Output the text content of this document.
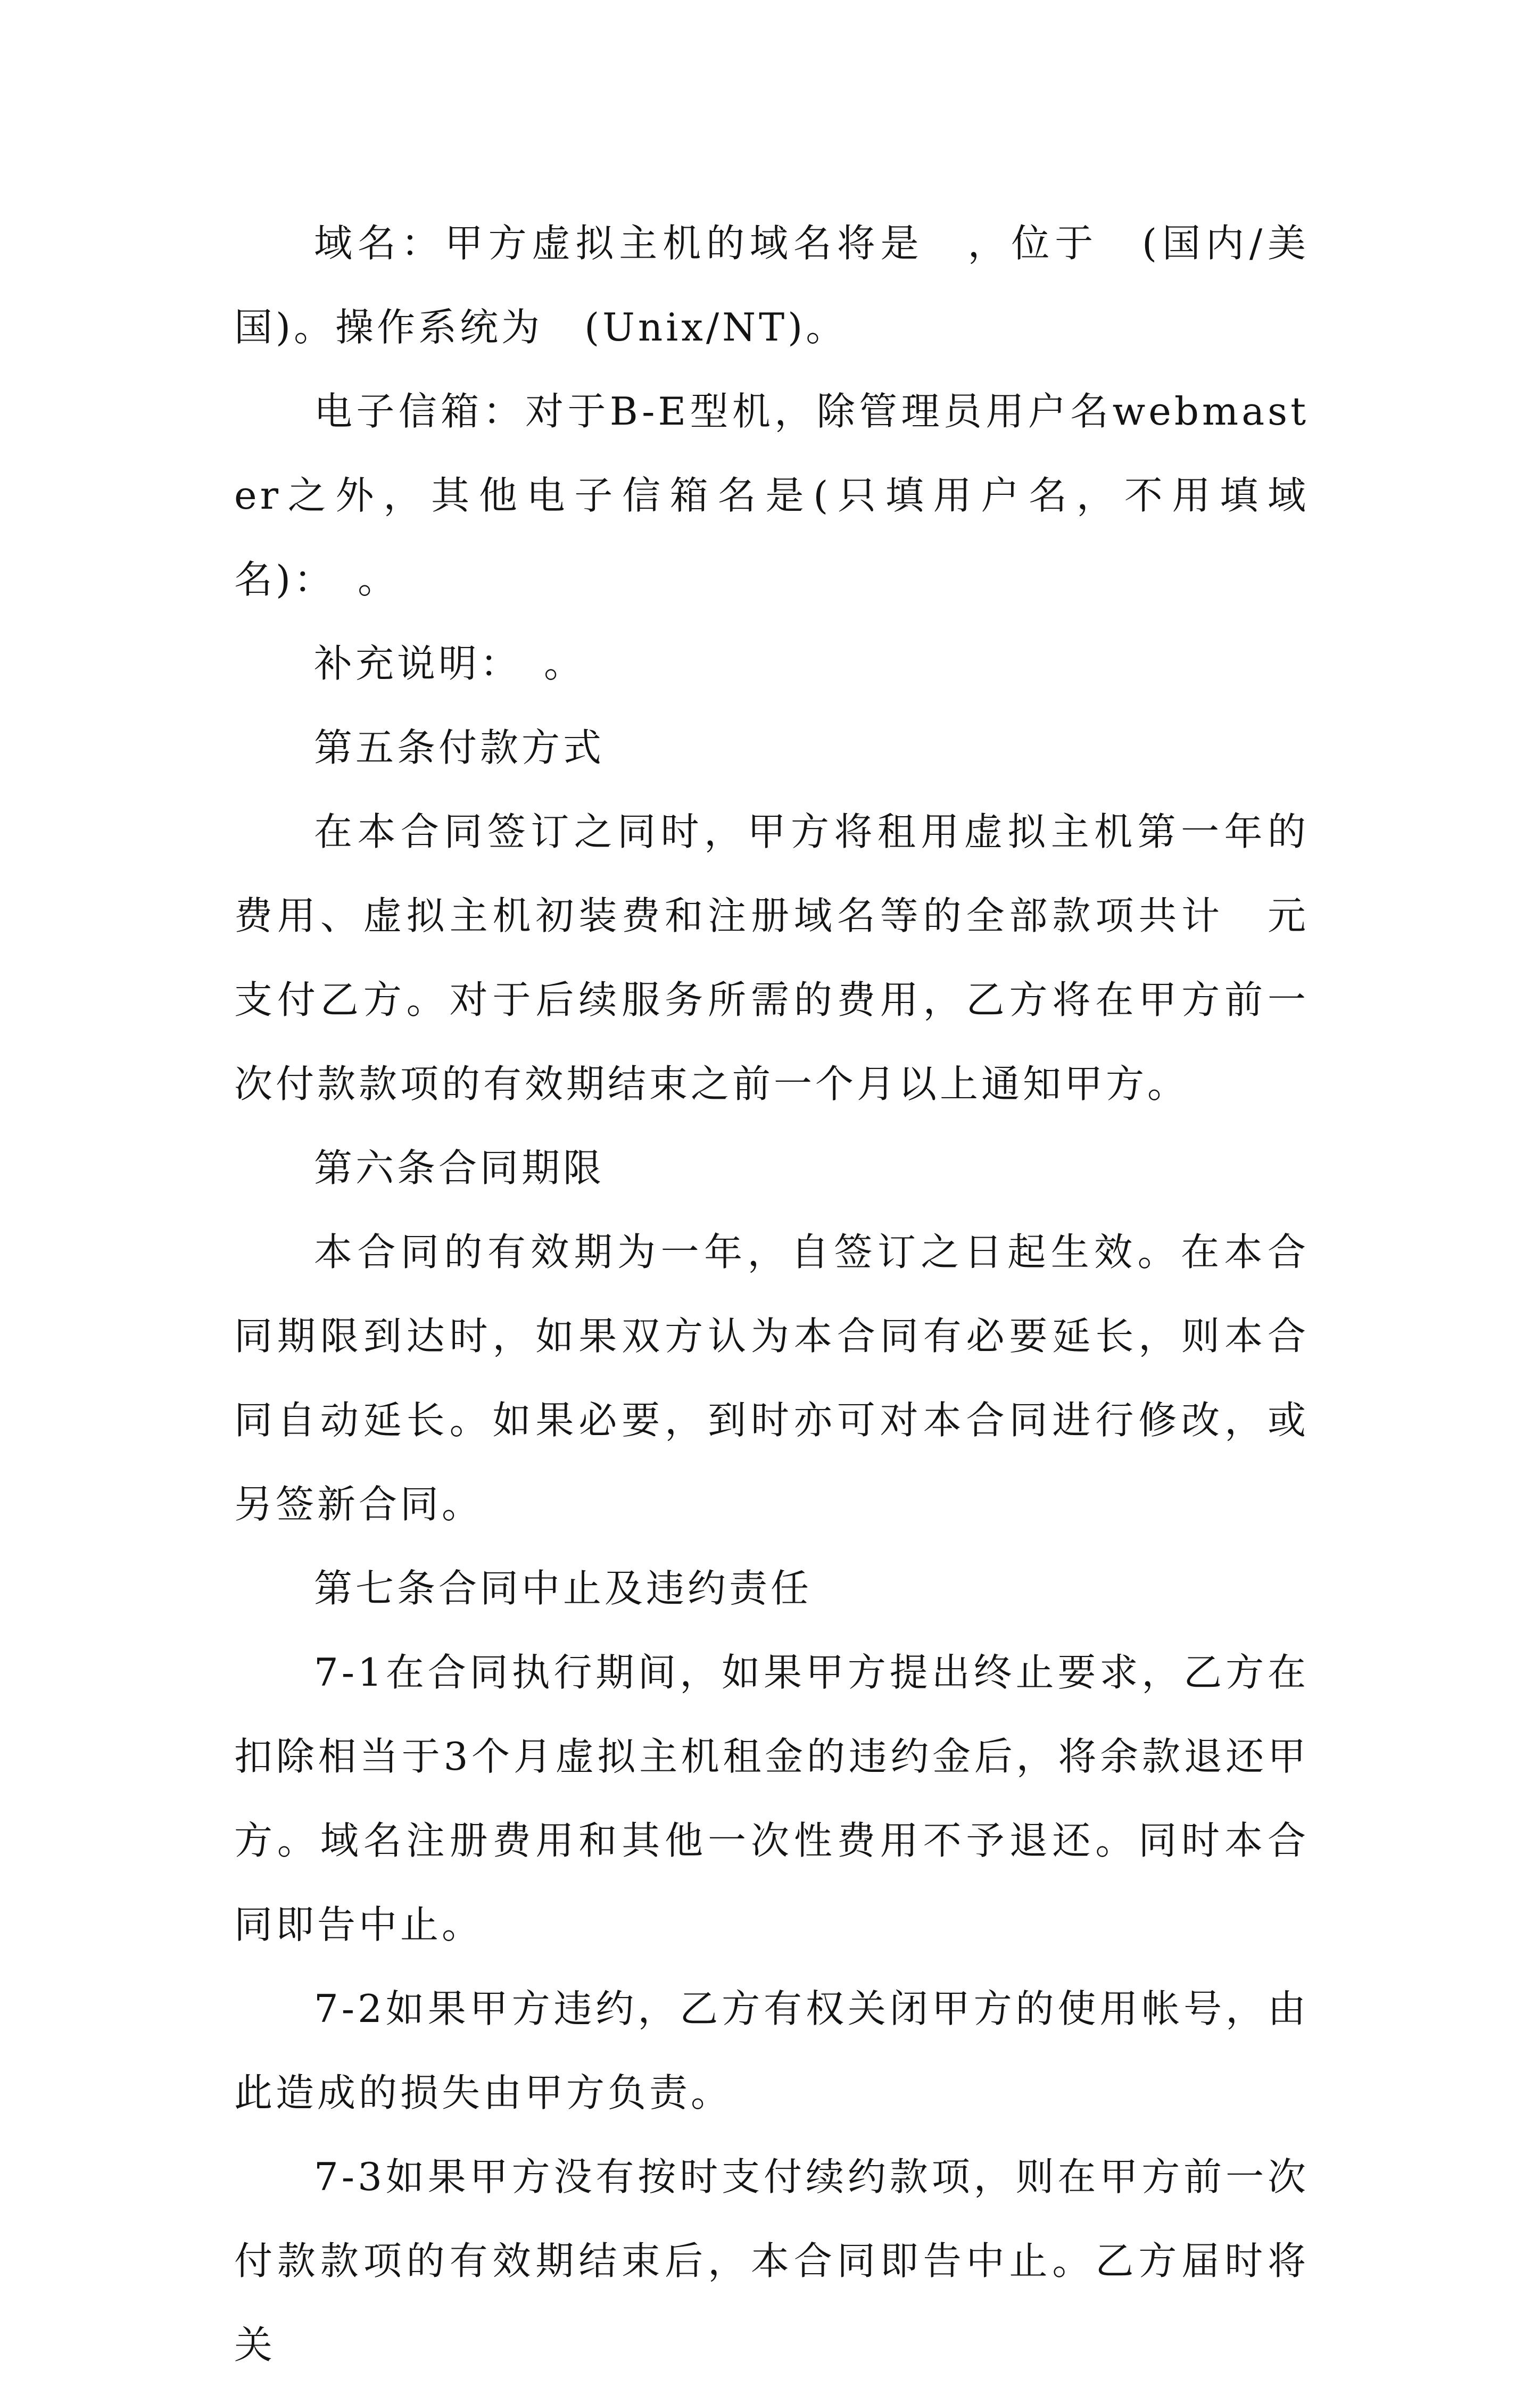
域名：甲方虚拟主机的域名将是　，位于　(国内/美国)。操作系统为　(Unix/NT)。

电子信箱：对于B-E型机，除管理员用户名webmaster之外，其他电子信箱名是(只填用户名，不用填域名)：　。

补充说明：　。

第五条付款方式

在本合同签订之同时，甲方将租用虚拟主机第一年的费用、虚拟主机初装费和注册域名等的全部款项共计　元支付乙方。对于后续服务所需的费用，乙方将在甲方前一次付款款项的有效期结束之前一个月以上通知甲方。

第六条合同期限

本合同的有效期为一年，自签订之日起生效。在本合同期限到达时，如果双方认为本合同有必要延长，则本合同自动延长。如果必要，到时亦可对本合同进行修改，或另签新合同。

第七条合同中止及违约责任

7-1在合同执行期间，如果甲方提出终止要求，乙方在扣除相当于3个月虚拟主机租金的违约金后，将余款退还甲方。域名注册费用和其他一次性费用不予退还。同时本合同即告中止。

7-2如果甲方违约，乙方有权关闭甲方的使用帐号，由此造成的损失由甲方负责。

7-3如果甲方没有按时支付续约款项，则在甲方前一次付款款项的有效期结束后，本合同即告中止。乙方届时将关
